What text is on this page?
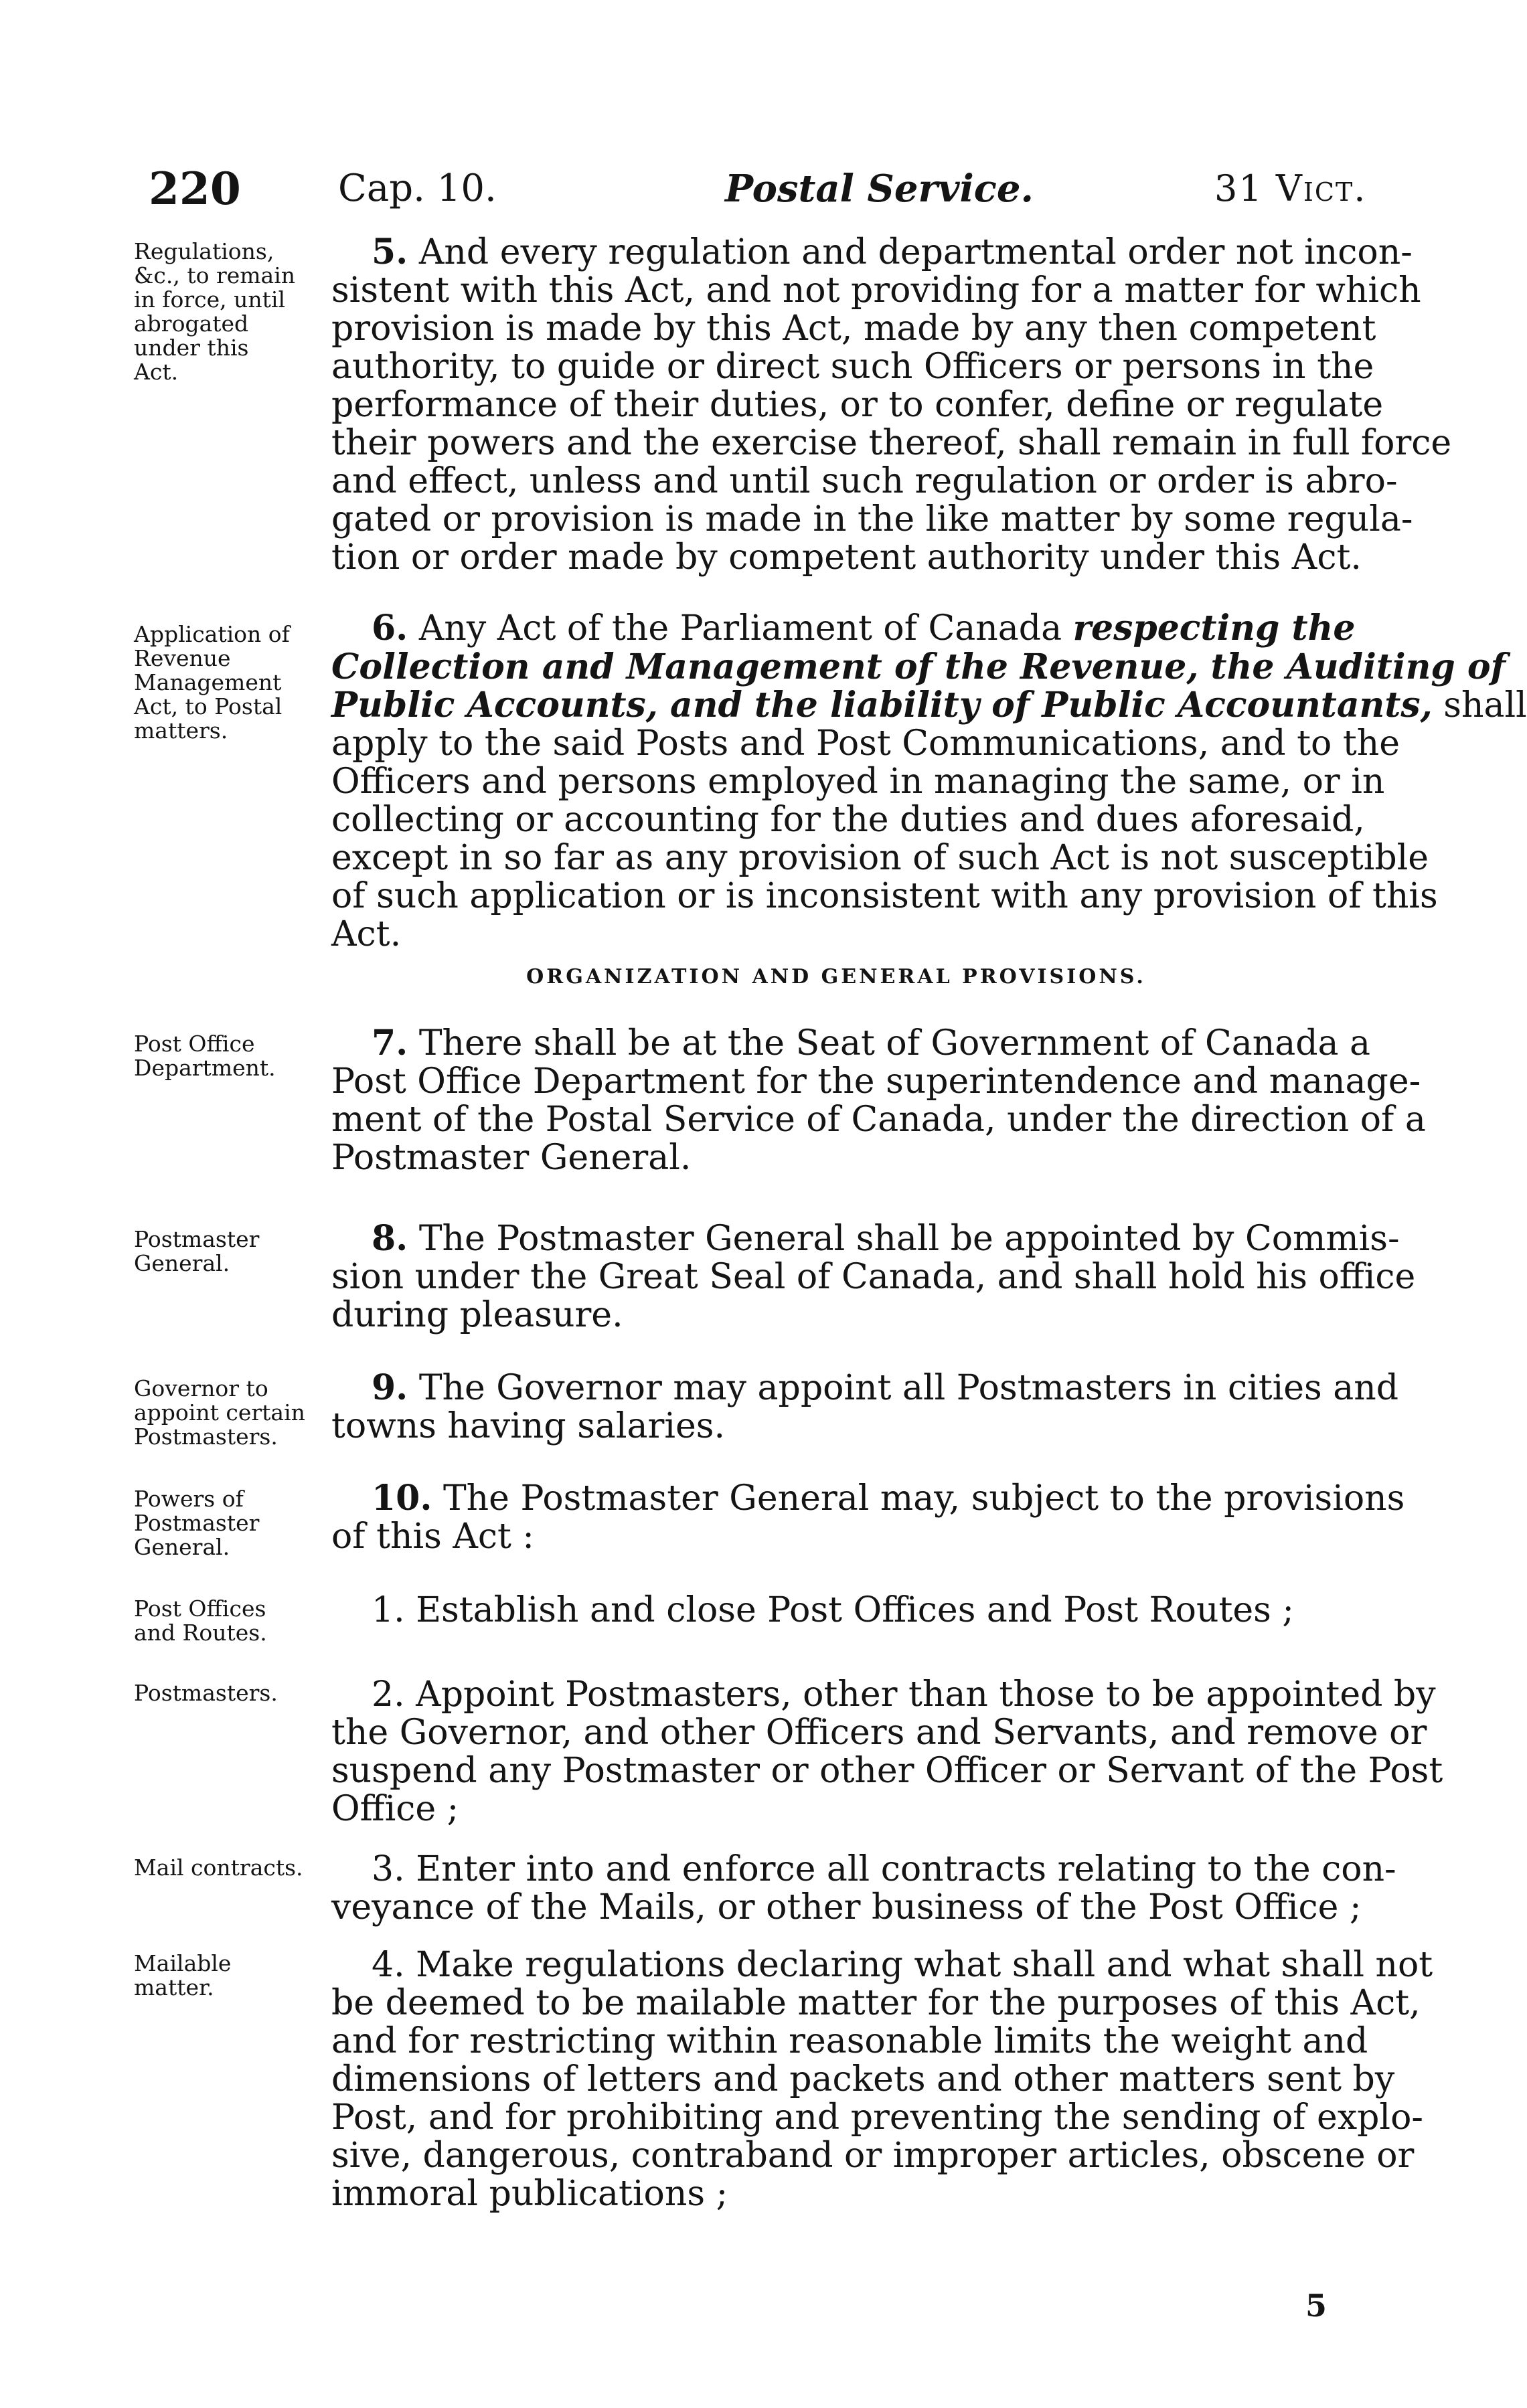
220	Cap. 10.	Postal Service.	31 Vict.
Regulations,
&c., to remain
in force, until
abrogated
under this
Act.
5. And every regulation and departmental order not incon-
sistent with this Act, and not providing for a matter for which
provision is made by this Act, made by any then competent
authority, to guide or direct such Officers or persons in the
performance of their duties, or to confer, define or regulate
their powers and the exercise thereof, shall remain in full force
and effect, unless and until such regulation or order is abro-
gated or provision is made in the like matter by some regula-
tion or order made by competent authority under this Act.
Application of
Revenue
Management
Act, to Postal
matters.
6. Any Act of the Parliament of Canada respecting the
Collection and Management of the Revenue, the Auditing of
Public Accounts, and the liability of Public Accountants, shall
apply to the said Posts and Post Communications, and to the
Officers and persons employed in managing the same, or in
collecting or accounting for the duties and dues aforesaid,
except in so far as any provision of such Act is not susceptible
of such application or is inconsistent with any provision of this
Act.
ORGANIZATION AND GENERAL PROVISIONS.
Post Office
Department.
7. There shall be at the Seat of Government of Canada a
Post Office Department for the superintendence and manage-
ment of the Postal Service of Canada, under the direction of a
Postmaster General.
Postmaster
General.
8. The Postmaster General shall be appointed by Commis-
sion under the Great Seal of Canada, and shall hold his office
during pleasure.
Governor to
appoint certain
Postmasters.
9. The Governor may appoint all Postmasters in cities and
towns having salaries.
Powers of
Postmaster
General.
10. The Postmaster General may, subject to the provisions
of this Act :
Post Offices
and Routes.
1. Establish and close Post Offices and Post Routes ;
Postmasters.	2. Appoint Postmasters, other than those to be appointed by
the Governor, and other Officers and Servants, and remove or
suspend any Postmaster or other Officer or Servant of the Post
Office ;
Mail contracts.	3. Enter into and enforce all contracts relating to the con-
veyance of the Mails, or other business of the Post Office ;
Mailable
matter.
4. Make regulations declaring what shall and what shall not
be deemed to be mailable matter for the purposes of this Act,
and for restricting within reasonable limits the weight and
dimensions of letters and packets and other matters sent by
Post, and for prohibiting and preventing the sending of explo-
sive, dangerous, contraband or improper articles, obscene or
immoral publications ;
5
